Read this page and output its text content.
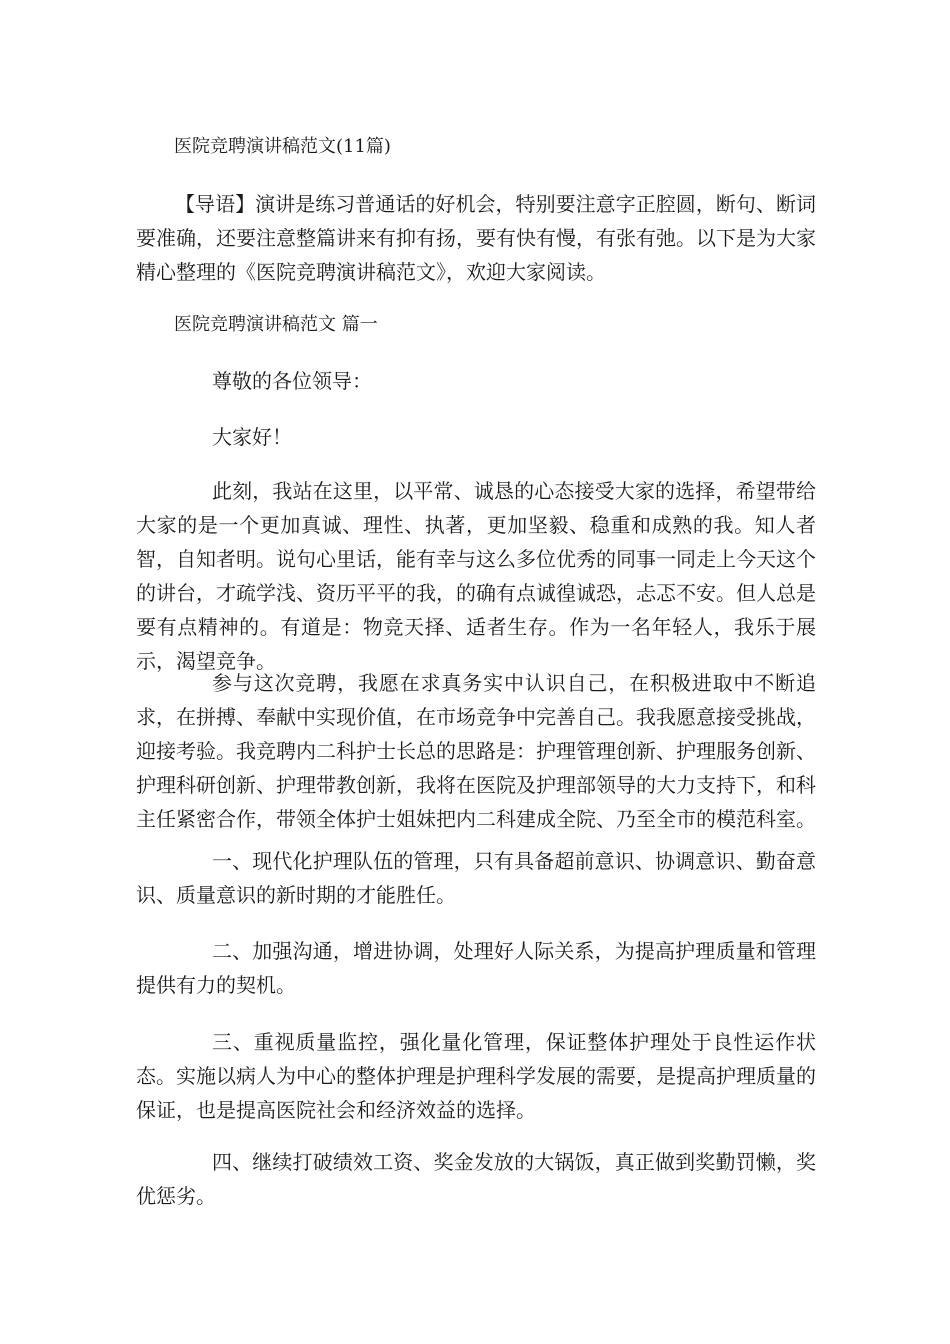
医院竞聘演讲稿范文(11篇)

【导语】演讲是练习普通话的好机会，特别要注意字正腔圆，断句、断词要准确，还要注意整篇讲来有抑有扬，要有快有慢，有张有弛。以下是为大家精心整理的《医院竞聘演讲稿范文》，欢迎大家阅读。

医院竞聘演讲稿范文 篇一
尊敬的各位领导：
大家好！

此刻，我站在这里，以平常、诚恳的心态接受大家的选择，希望带给大家的是一个更加真诚、理性、执著，更加坚毅、稳重和成熟的我。知人者智，自知者明。说句心里话，能有幸与这么多位优秀的同事一同走上今天这个的讲台，才疏学浅、资历平平的我，的确有点诚徨诚恐，忐忑不安。但人总是要有点精神的。有道是：物竞天择、适者生存。作为一名年轻人，我乐于展示，渴望竞争。

参与这次竞聘，我愿在求真务实中认识自己，在积极进取中不断追求，在拼搏、奉献中实现价值，在市场竞争中完善自己。我我愿意接受挑战，迎接考验。我竞聘内二科护士长总的思路是：护理管理创新、护理服务创新、护理科研创新、护理带教创新，我将在医院及护理部领导的大力支持下，和科主任紧密合作，带领全体护士姐妹把内二科建成全院、乃至全市的模范科室。

一、现代化护理队伍的管理，只有具备超前意识、协调意识、勤奋意识、质量意识的新时期的才能胜任。

二、加强沟通，增进协调，处理好人际关系，为提高护理质量和管理提供有力的契机。

三、重视质量监控，强化量化管理，保证整体护理处于良性运作状态。实施以病人为中心的整体护理是护理科学发展的需要，是提高护理质量的保证，也是提高医院社会和经济效益的选择。

四、继续打破绩效工资、奖金发放的大锅饭，真正做到奖勤罚懒，奖优惩劣。
